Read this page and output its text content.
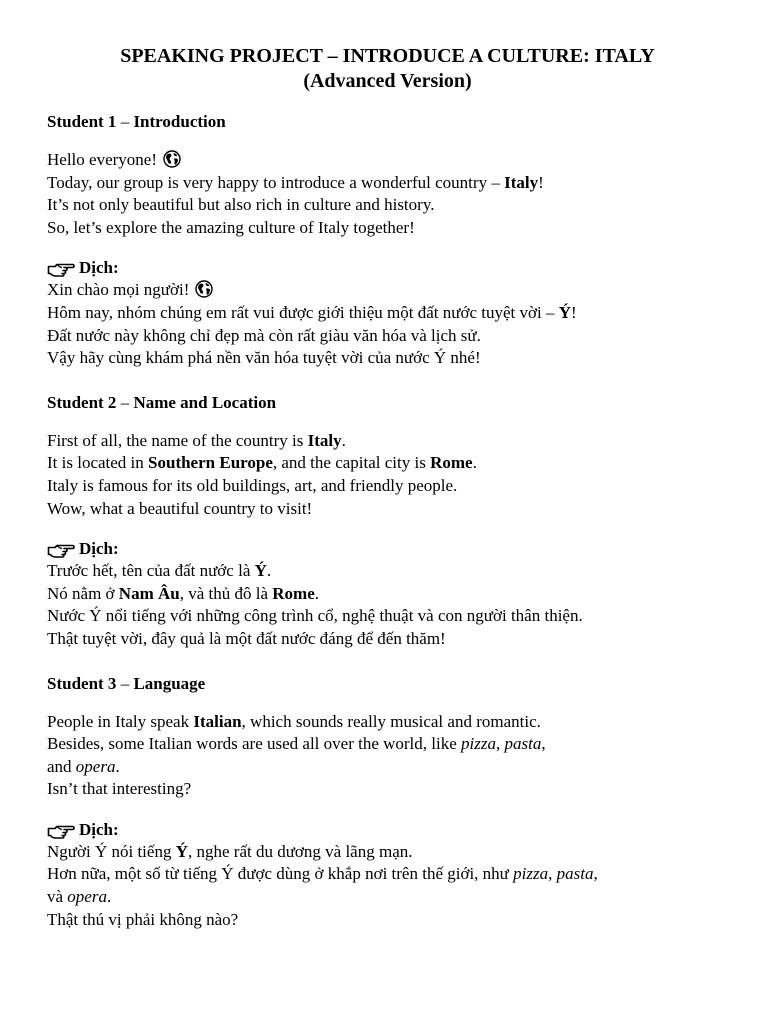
SPEAKING PROJECT – INTRODUCE A CULTURE: ITALY
(Advanced Version)
Student 1 – Introduction

Hello everyone!

Today, our group is very happy to introduce a wonderful country – Italy!

It’s not only beautiful but also rich in culture and history.

So, let’s explore the amazing culture of Italy together!

Dịch:

Xin chào mọi người!

Hôm nay, nhóm chúng em rất vui được giới thiệu một đất nước tuyệt vời – Ý!

Đất nước này không chỉ đẹp mà còn rất giàu văn hóa và lịch sử.

Vậy hãy cùng khám phá nền văn hóa tuyệt vời của nước Ý nhé!

Student 2 – Name and Location

First of all, the name of the country is Italy.

It is located in Southern Europe, and the capital city is Rome.

Italy is famous for its old buildings, art, and friendly people.

Wow, what a beautiful country to visit!

Dịch:

Trước hết, tên của đất nước là Ý.

Nó nằm ở Nam Âu, và thủ đô là Rome.

Nước Ý nổi tiếng với những công trình cổ, nghệ thuật và con người thân thiện.

Thật tuyệt vời, đây quả là một đất nước đáng để đến thăm!

Student 3 – Language

People in Italy speak Italian, which sounds really musical and romantic.

Besides, some Italian words are used all over the world, like pizza, pasta,

and opera.

Isn’t that interesting?

Dịch:

Người Ý nói tiếng Ý, nghe rất du dương và lãng mạn.

Hơn nữa, một số từ tiếng Ý được dùng ở khắp nơi trên thế giới, như pizza, pasta,

và opera.

Thật thú vị phải không nào?
